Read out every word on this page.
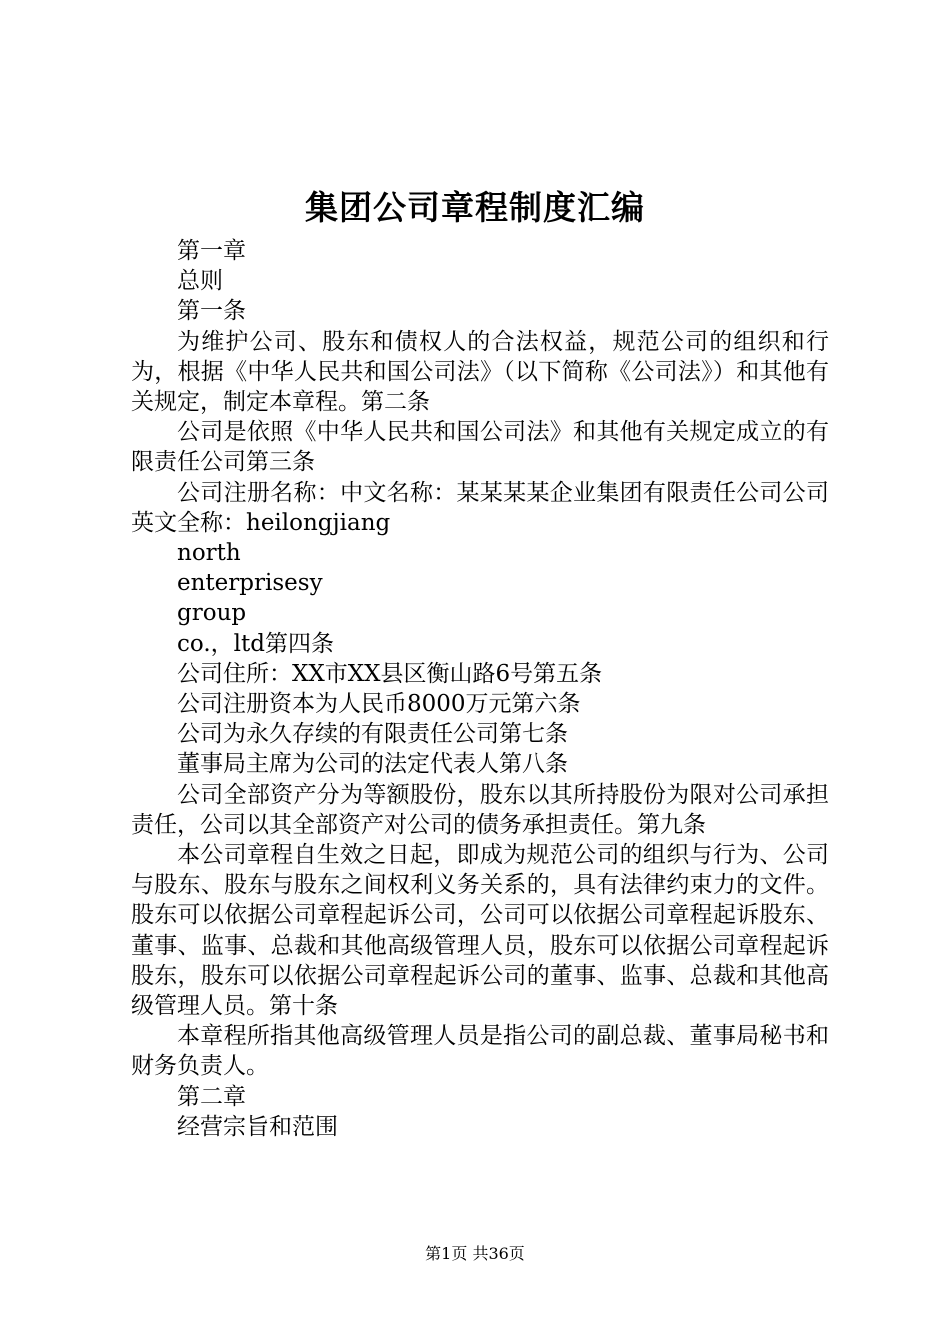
集团公司章程制度汇编

第一章

总则

第一条

为维护公司、股东和债权人的合法权益，规范公司的组织和行为，根据《中华人民共和国公司法》（以下简称《公司法》）和其他有关规定，制定本章程。第二条

公司是依照《中华人民共和国公司法》和其他有关规定成立的有限责任公司第三条

公司注册名称：中文名称：某某某某企业集团有限责任公司公司英文全称：heilongjiang

north

enterprisesy

group

co.，ltd第四条

公司住所：XX市XX县区衡山路6号第五条

公司注册资本为人民币8000万元第六条

公司为永久存续的有限责任公司第七条

董事局主席为公司的法定代表人第八条

公司全部资产分为等额股份，股东以其所持股份为限对公司承担责任，公司以其全部资产对公司的债务承担责任。第九条

本公司章程自生效之日起，即成为规范公司的组织与行为、公司与股东、股东与股东之间权利义务关系的，具有法律约束力的文件。股东可以依据公司章程起诉公司，公司可以依据公司章程起诉股东、董事、监事、总裁和其他高级管理人员，股东可以依据公司章程起诉股东，股东可以依据公司章程起诉公司的董事、监事、总裁和其他高级管理人员。第十条

本章程所指其他高级管理人员是指公司的副总裁、董事局秘书和财务负责人。

第二章

经营宗旨和范围

第1页 共36页
